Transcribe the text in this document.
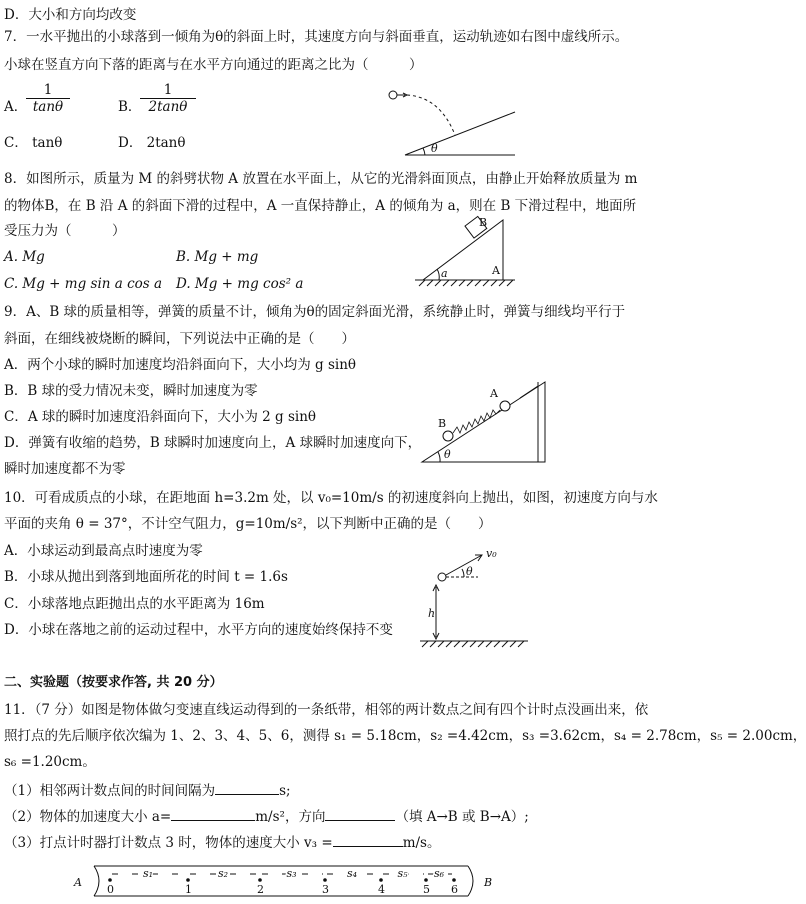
D．大小和方向均改变
7．一水平抛出的小球落到一倾角为θ的斜面上时，其速度方向与斜面垂直，运动轨迹如右图中虚线所示。
小球在竖直方向下落的距离与在水平方向通过的距离之比为（　　　）
A．
$\frac{1}{\tan\theta}$	B．
$\frac{1}{2\tan\theta}$
C． tanθ	D． 2tanθ	θ
8．如图所示，质量为 M 的斜劈状物 A 放置在水平面上，从它的光滑斜面顶点，由静止开始释放质量为 m
的物体B，在 B 沿 A 的斜面下滑的过程中，A 一直保持静止，A 的倾角为 a，则在 B 下滑过程中，地面所
受压力为（　　　）
A. Mg	B. Mg + mg
C. Mg + mg sin a cos a D. Mg + mg cos² a
B
A
a
9．A、B 球的质量相等，弹簧的质量不计，倾角为θ的固定斜面光滑，系统静止时，弹簧与细线均平行于
斜面，在细线被烧断的瞬间，下列说法中正确的是（　　）
A．两个小球的瞬时加速度均沿斜面向下，大小均为 g sinθ
B．B 球的受力情况未变，瞬时加速度为零
C．A 球的瞬时加速度沿斜面向下，大小为 2 g sinθ
D．弹簧有收缩的趋势，B 球瞬时加速度向上，A 球瞬时加速度向下，
瞬时加速度都不为零
A
B
θ
10．可看成质点的小球，在距地面 h=3.2m 处，以 v₀=10m/s 的初速度斜向上抛出，如图，初速度方向与水
平面的夹角 θ = 37°，不计空气阻力，g=10m/s²，以下判断中正确的是（　　）
A．小球运动到最高点时速度为零
B．小球从抛出到落到地面所花的时间 t = 1.6s
C．小球落地点距抛出点的水平距离为 16m
D．小球在落地之前的运动过程中，水平方向的速度始终保持不变
v₀
θ
h
二、实验题（按要求作答, 共 20 分）
11．（7 分）如图是物体做匀变速直线运动得到的一条纸带，相邻的两计数点之间有四个计时点没画出来，依
照打点的先后顺序依次编为 1、2、3、4、5、6，测得 s₁ = 5.18cm，s₂ =4.42cm，s₃ =3.62cm，s₄ = 2.78cm，s₅ = 2.00cm，
s₆ =1.20cm。
（1）相邻两计数点间的时间间隔为	s;
（2）物体的加速度大小 a=	m/s²，方向	（填 A→B 或 B→A）;
（3）打点计时器打计数点 3 时，物体的速度大小 v₃ =	m/s。
A	B
0	1	2	3	4	5 6
s₁	s₂	s₃	s₄	s₅ s₆
